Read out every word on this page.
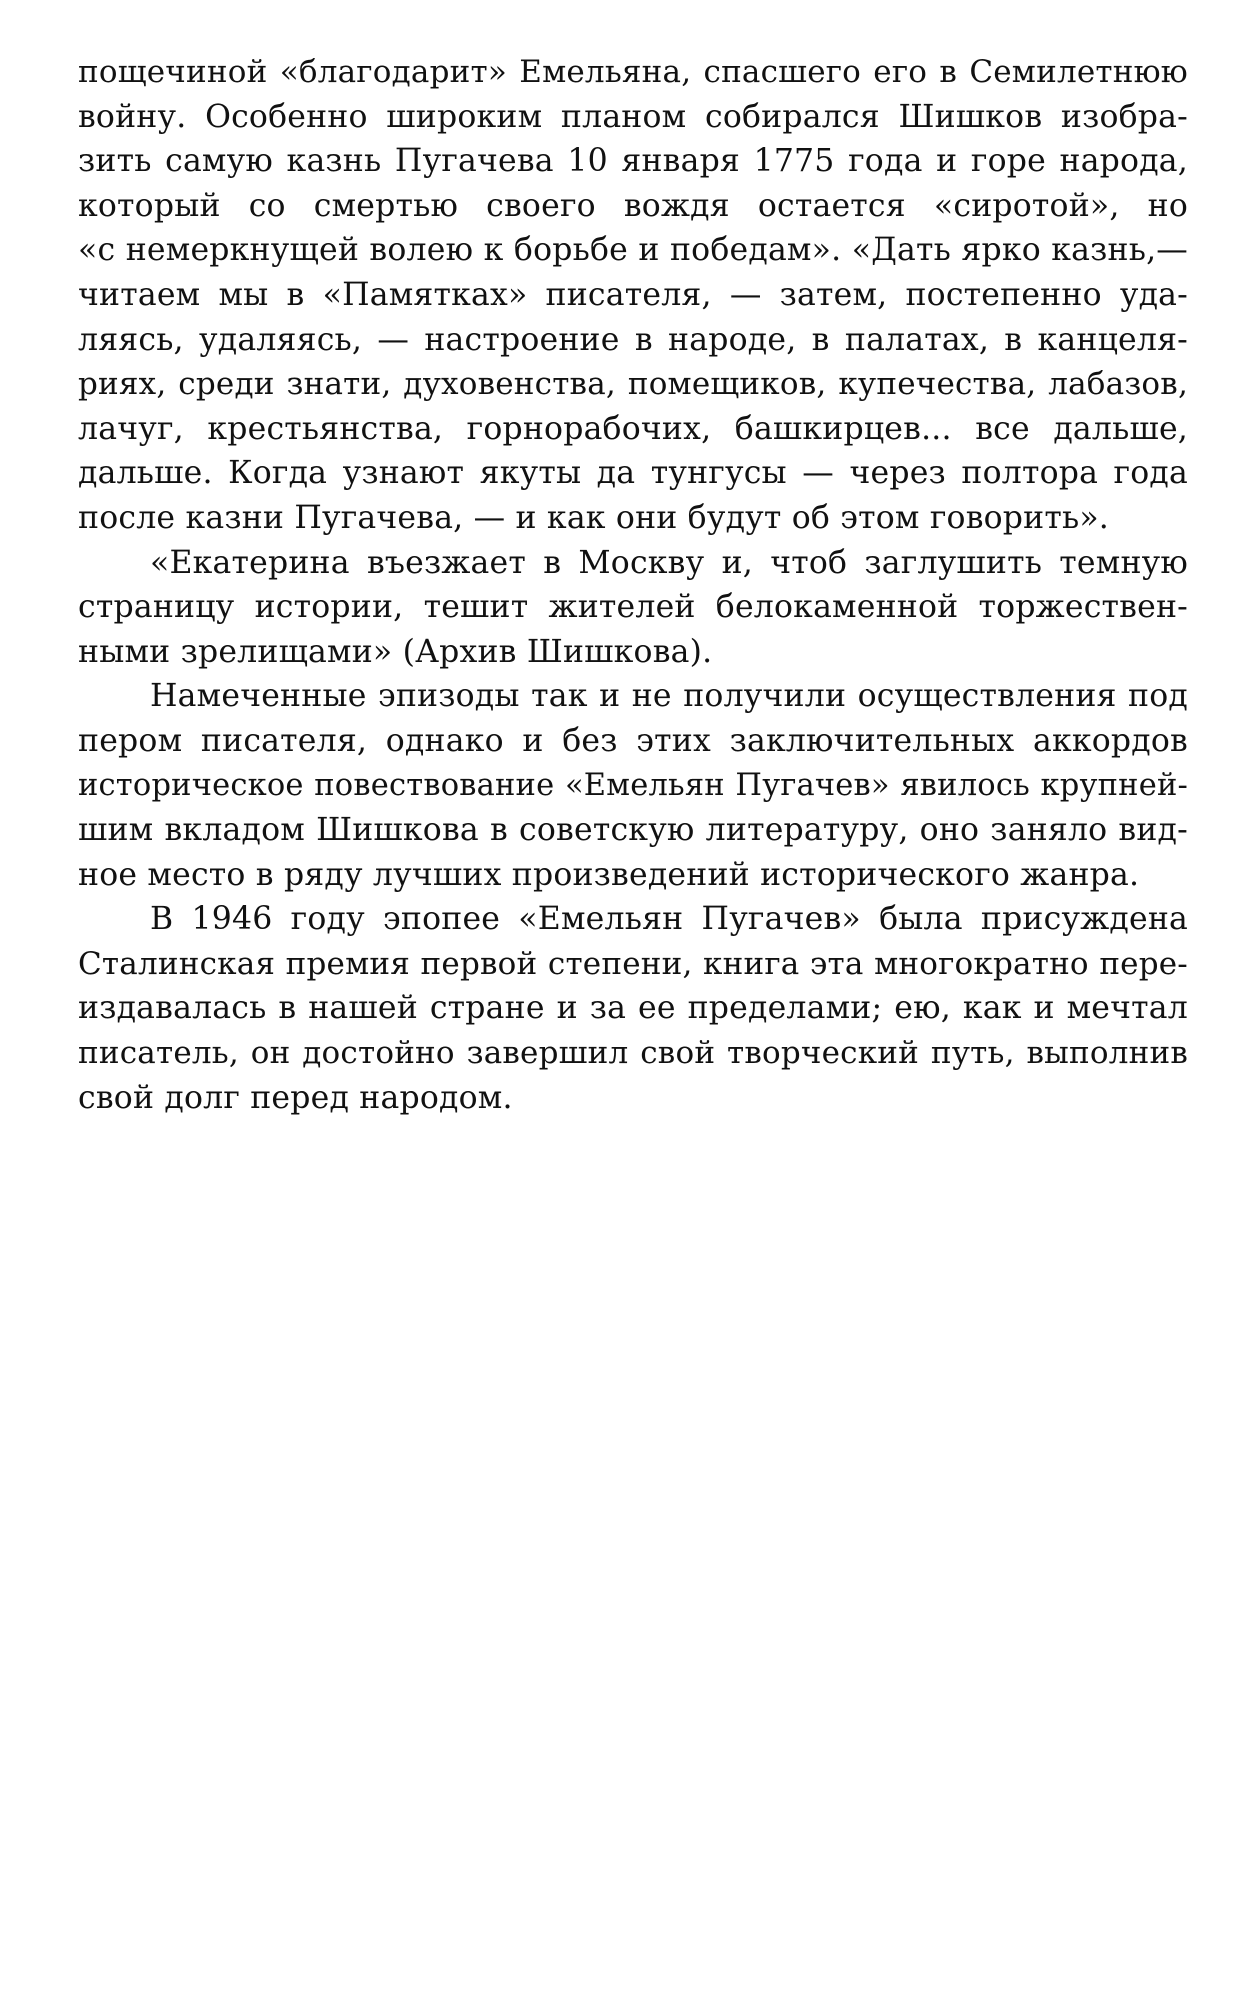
пощечиной «благодарит» Емельяна, спасшего его в Семилетнюю
войну. Особенно широким планом собирался Шишков изобра-
зить самую казнь Пугачева 10 января 1775 года и горе народа,
который со смертью своего вождя остается «сиротой», но
«с немеркнущей волею к борьбе и победам». «Дать ярко казнь,—
читаем мы в «Памятках» писателя, — затем, постепенно уда-
ляясь, удаляясь, — настроение в народе, в палатах, в канцеля-
риях, среди знати, духовенства, помещиков, купечества, лабазов,
лачуг, крестьянства, горнорабочих, башкирцев... все дальше,
дальше. Когда узнают якуты да тунгусы — через полтора года
после казни Пугачева, — и как они будут об этом говорить».
«Екатерина въезжает в Москву и, чтоб заглушить темную
страницу истории, тешит жителей белокаменной торжествен-
ными зрелищами» (Архив Шишкова).
Намеченные эпизоды так и не получили осуществления под
пером писателя, однако и без этих заключительных аккордов
историческое повествование «Емельян Пугачев» явилось крупней-
шим вкладом Шишкова в советскую литературу, оно заняло вид-
ное место в ряду лучших произведений исторического жанра.
В 1946 году эпопее «Емельян Пугачев» была присуждена
Сталинская премия первой степени, книга эта многократно пере-
издавалась в нашей стране и за ее пределами; ею, как и мечтал
писатель, он достойно завершил свой творческий путь, выполнив
свой долг перед народом.
